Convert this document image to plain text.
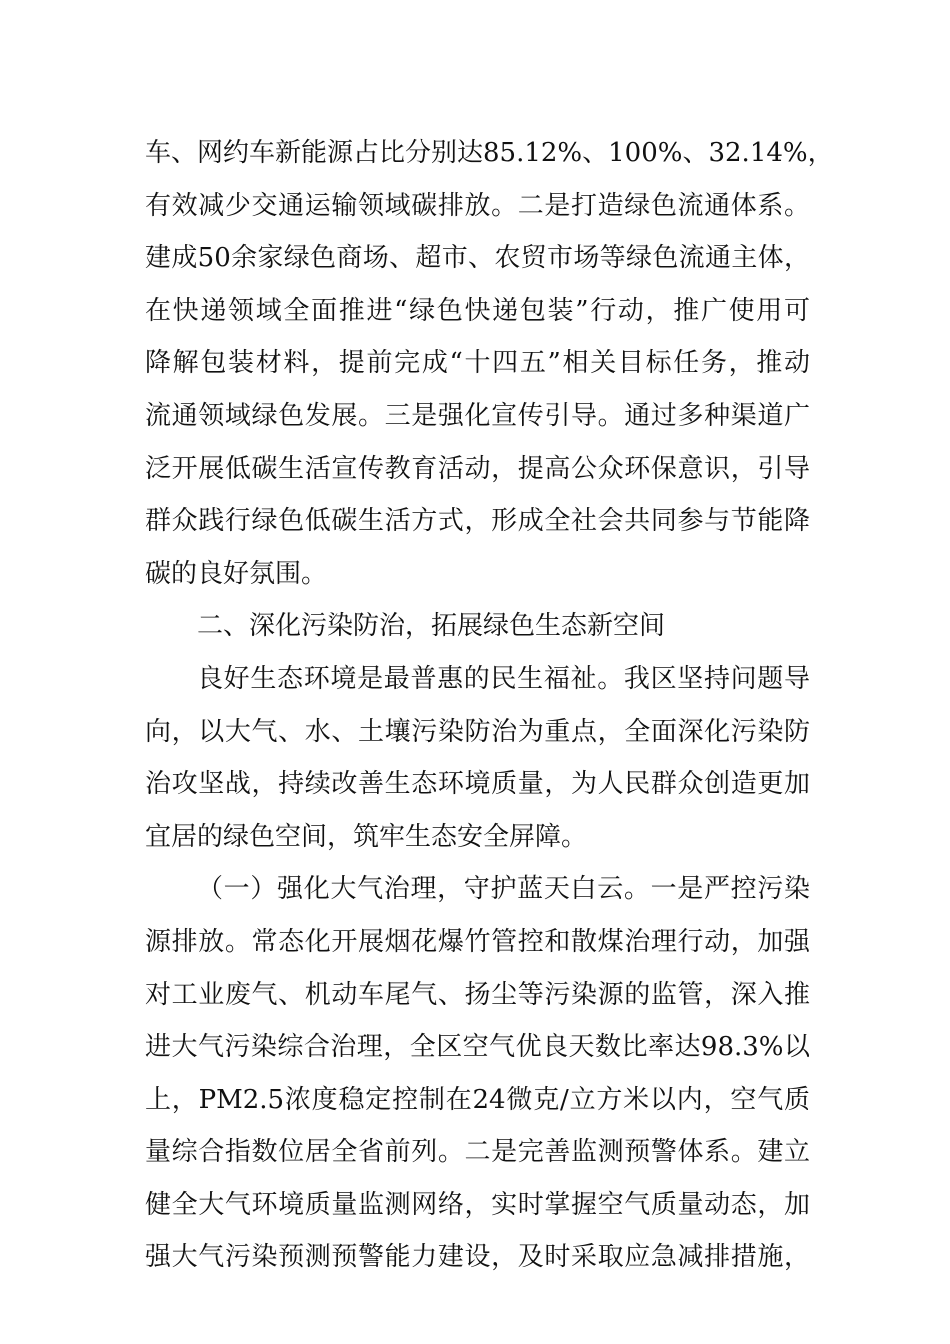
车、网约车新能源占比分别达85.12%、100%、32.14%，
有效减少交通运输领域碳排放。二是打造绿色流通体系。
建成50余家绿色商场、超市、农贸市场等绿色流通主体，
在快递领域全面推进“绿色快递包装”行动，推广使用可
降解包装材料，提前完成“十四五”相关目标任务，推动
流通领域绿色发展。三是强化宣传引导。通过多种渠道广
泛开展低碳生活宣传教育活动，提高公众环保意识，引导
群众践行绿色低碳生活方式，形成全社会共同参与节能降
碳的良好氛围。
二、深化污染防治，拓展绿色生态新空间
良好生态环境是最普惠的民生福祉。我区坚持问题导
向，以大气、水、土壤污染防治为重点，全面深化污染防
治攻坚战，持续改善生态环境质量，为人民群众创造更加
宜居的绿色空间，筑牢生态安全屏障。
（一）强化大气治理，守护蓝天白云。一是严控污染
源排放。常态化开展烟花爆竹管控和散煤治理行动，加强
对工业废气、机动车尾气、扬尘等污染源的监管，深入推
进大气污染综合治理，全区空气优良天数比率达98.3%以
上，PM2.5浓度稳定控制在24微克/立方米以内，空气质
量综合指数位居全省前列。二是完善监测预警体系。建立
健全大气环境质量监测网络，实时掌握空气质量动态，加
强大气污染预测预警能力建设，及时采取应急减排措施，
